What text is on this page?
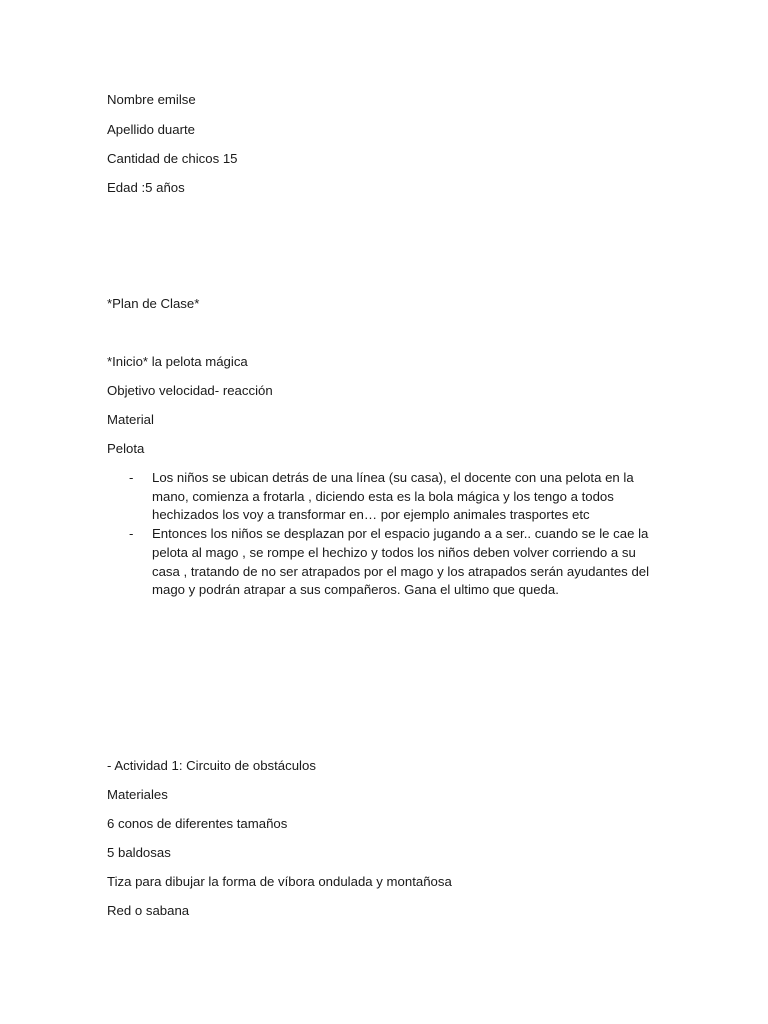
Nombre emilse
Apellido duarte
Cantidad de chicos 15
Edad :5 años
*Plan de Clase*
*Inicio* la pelota mágica
Objetivo velocidad- reacción
Material
Pelota
- Los niños se ubican detrás de una línea (su casa), el docente con una pelota en la mano, comienza a frotarla , diciendo esta es la bola mágica y los tengo a todos hechizados los voy a transformar en… por ejemplo animales trasportes etc
- Entonces los niños se desplazan por el espacio jugando a a ser.. cuando se le cae la pelota al mago , se rompe el hechizo y todos los niños deben volver corriendo a su casa , tratando de no ser atrapados por el mago y los atrapados serán ayudantes del mago y podrán atrapar a sus compañeros. Gana el ultimo que queda.
- Actividad 1: Circuito de obstáculos
Materiales
6 conos de diferentes tamaños
5 baldosas
Tiza para dibujar la forma de víbora ondulada y montañosa
Red o sabana
